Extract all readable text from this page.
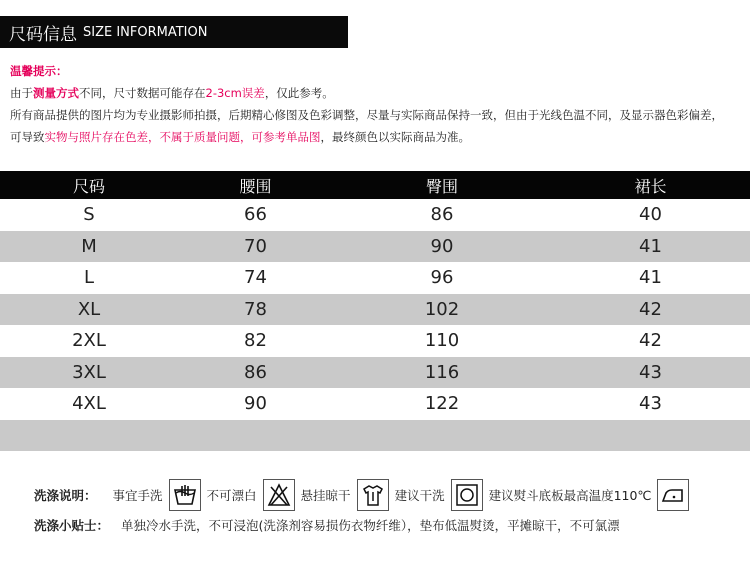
尺码信息 SIZE INFORMATION
温馨提示：
由于测量方式不同，尺寸数据可能存在2-3cm误差，仅此参考。
所有商品提供的图片均为专业摄影师拍摄，后期精心修图及色彩调整，尽量与实际商品保持一致，但由于光线色温不同，及显示器色彩偏差，
可导致实物与照片存在色差，不属于质量问题，可参考单品图，最终颜色以实际商品为准。
尺码	腰围	臀围	裙长
S	66	86	40
M	70	90	41
L	74	96	41
XL	78	102	42
2XL	82	110	42
3XL	86	116	43
4XL	90	122	43
洗涤说明： 事宜手洗	不可漂白	悬挂晾干	建议干洗	建议熨斗底板最高温度110℃
洗涤小贴士： 单独冷水手洗，不可浸泡(洗涤剂容易损伤衣物纤维），垫布低温熨烫，平摊晾干，不可氯漂
